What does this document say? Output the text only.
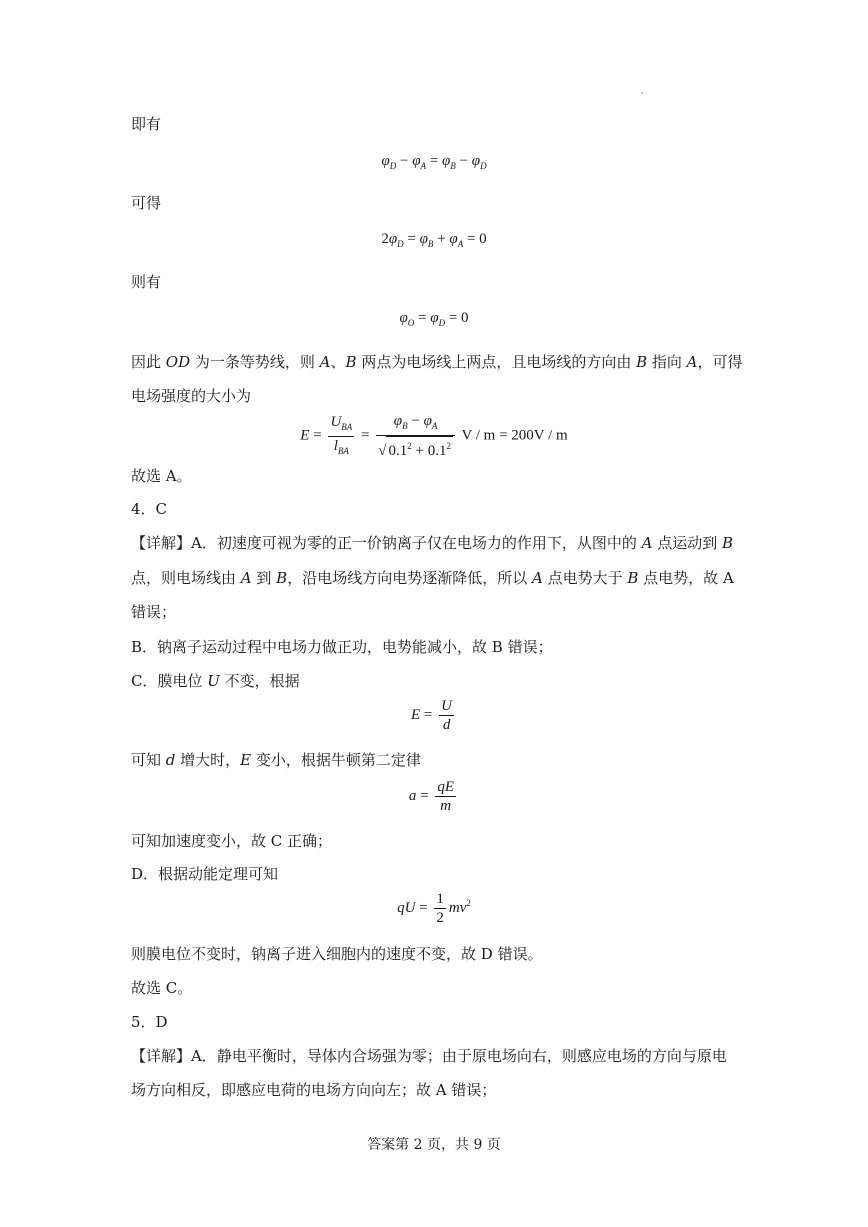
即有
$\varphi_D - \varphi_A = \varphi_B - \varphi_D$
可得
$2\varphi_D = \varphi_B + \varphi_A = 0$
则有
$\varphi_O = \varphi_D = 0$
因此 OD 为一条等势线，则 A、B 两点为电场线上两点，且电场线的方向由 B 指向 A，可得
电场强度的大小为
$E = \frac{U_{BA}}{l_{BA}} = \frac{\varphi_B - \varphi_A}{√ 0.1^2 + 0.1^2}$ V / m = 200V / m
故选 A。
4．C
【详解】A．初速度可视为零的正一价钠离子仅在电场力的作用下，从图中的 A 点运动到 B
点，则电场线由 A 到 B，沿电场线方向电势逐渐降低，所以 A 点电势大于 B 点电势，故 A
错误；
B．钠离子运动过程中电场力做正功，电势能减小，故 B 错误；
C．膜电位 U 不变，根据
$E = \frac{U}{d}$
可知 d 增大时，E 变小，根据牛顿第二定律
$a = \frac{qE}{m}$
可知加速度变小，故 C 正确；
D．根据动能定理可知
qU = $\frac{1}{2} mv^2$
则膜电位不变时，钠离子进入细胞内的速度不变，故 D 错误。
故选 C。
5．D
【详解】A．静电平衡时，导体内合场强为零；由于原电场向右，则感应电场的方向与原电
场方向相反，即感应电荷的电场方向向左；故 A 错误；
答案第 2 页，共 9 页
